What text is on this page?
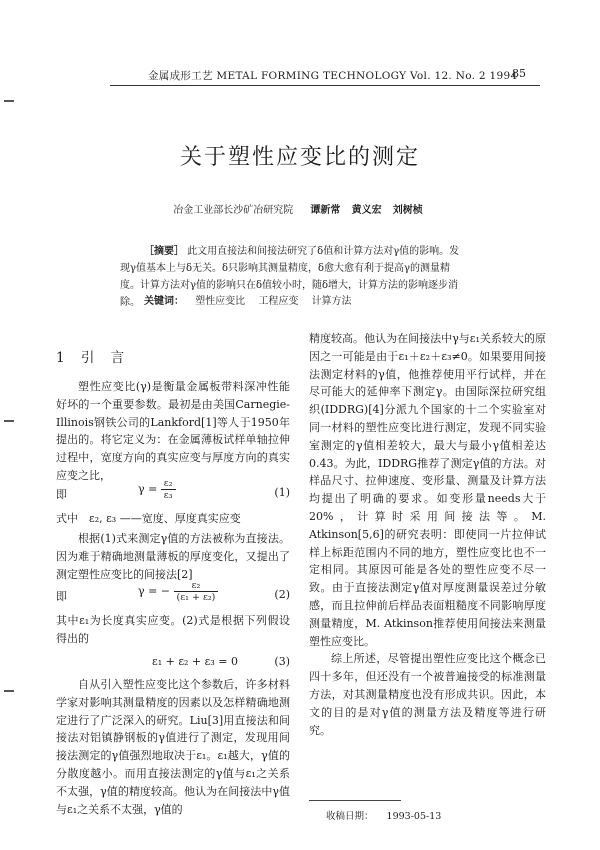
金属成形工艺 METAL FORMING TECHNOLOGY Vol. 12. No. 2 1994
85
关于塑性应变比的测定
冶金工业部长沙矿冶研究院 谭新常 黄义宏 刘树桢
［摘要］ 此文用直接法和间接法研究了δ值和计算方法对γ值的影响。发现γ值基本上与δ无关。δ只影响其测量精度，δ愈大愈有利于提高γ的测量精度。计算方法对γ值的影响只在δ值较小时，随δ增大，计算方法的影响逐步消除。 关键词： 塑性应变比 工程应变 计算方法
1 引 言

塑性应变比(γ)是衡量金属板带料深冲性能好坏的一个重要参数。最初是由美国Carnegie-Illinois钢铁公司的Lankford[1]等人于1950年提出的。将它定义为：在金属薄板试样单轴拉伸过程中，宽度方向的真实应变与厚度方向的真实应变之比，

即	$\gamma = \frac{\text{ε₂}}{\text{ε₃}}$	(1)
式中　ε₂, ε₃ ——宽度、厚度真实应变

根据(1)式来测定γ值的方法被称为直接法。因为难于精确地测量薄板的厚度变化，又提出了测定塑性应变比的间接法[2]

即	γ = − $\frac{\text{ε₂}}{\text{(ε₁ + ε₂)}}$	(2)
其中ε₁为长度真实应变。(2)式是根据下列假设得出的
ε₁ + ε₂ + ε₃ = 0	(3)

自从引入塑性应变比这个参数后，许多材料学家对影响其测量精度的因素以及怎样精确地测定进行了广泛深入的研究。Liu[3]用直接法和间接法对铝镇静钢板的γ值进行了测定，发现用间接法测定的γ值强烈地取决于ε₁。ε₁越大，γ值的分散度越小。而用直接法测定的γ值与ε₁之关系不太强，γ值的精度较高。他认为在间接法中γ值与ε₁之关系不太强，γ值的

精度较高。他认为在间接法中γ与ε₁关系较大的原因之一可能是由于ε₁＋ε₂＋ε₃≠0。如果要用间接法测定材料的γ值，他推荐使用平行试样，并在尽可能大的延伸率下测定γ。由国际深拉研究组织(IDDRG)[4]分派九个国家的十二个实验室对同一材料的塑性应变比进行测定，发现不同实验室测定的γ值相差较大，最大与最小γ值相差达0.43。为此，IDDRG推荐了测定γ值的方法。对样品尺寸、拉伸速度、变形量、测量及计算方法均提出了明确的要求。如变形量needs大于20%，计算时采用间接法等。M. Atkinson[5,6]的研究表明：即使同一片拉伸试样上标距范围内不同的地方，塑性应变比也不一定相同。其原因可能是各处的塑性应变不尽一致。由于直接法测定γ值对厚度测量误差过分敏感，而且拉伸前后样品表面粗糙度不同影响厚度测量精度，M. Atkinson推荐使用间接法来测量塑性应变比。

综上所述，尽管提出塑性应变比这个概念已四十多年，但还没有一个被普遍接受的标准测量方法，对其测量精度也没有形成共识。因此，本文的目的是对γ值的测量方法及精度等进行研究。

收稿日期： 1993-05-13
